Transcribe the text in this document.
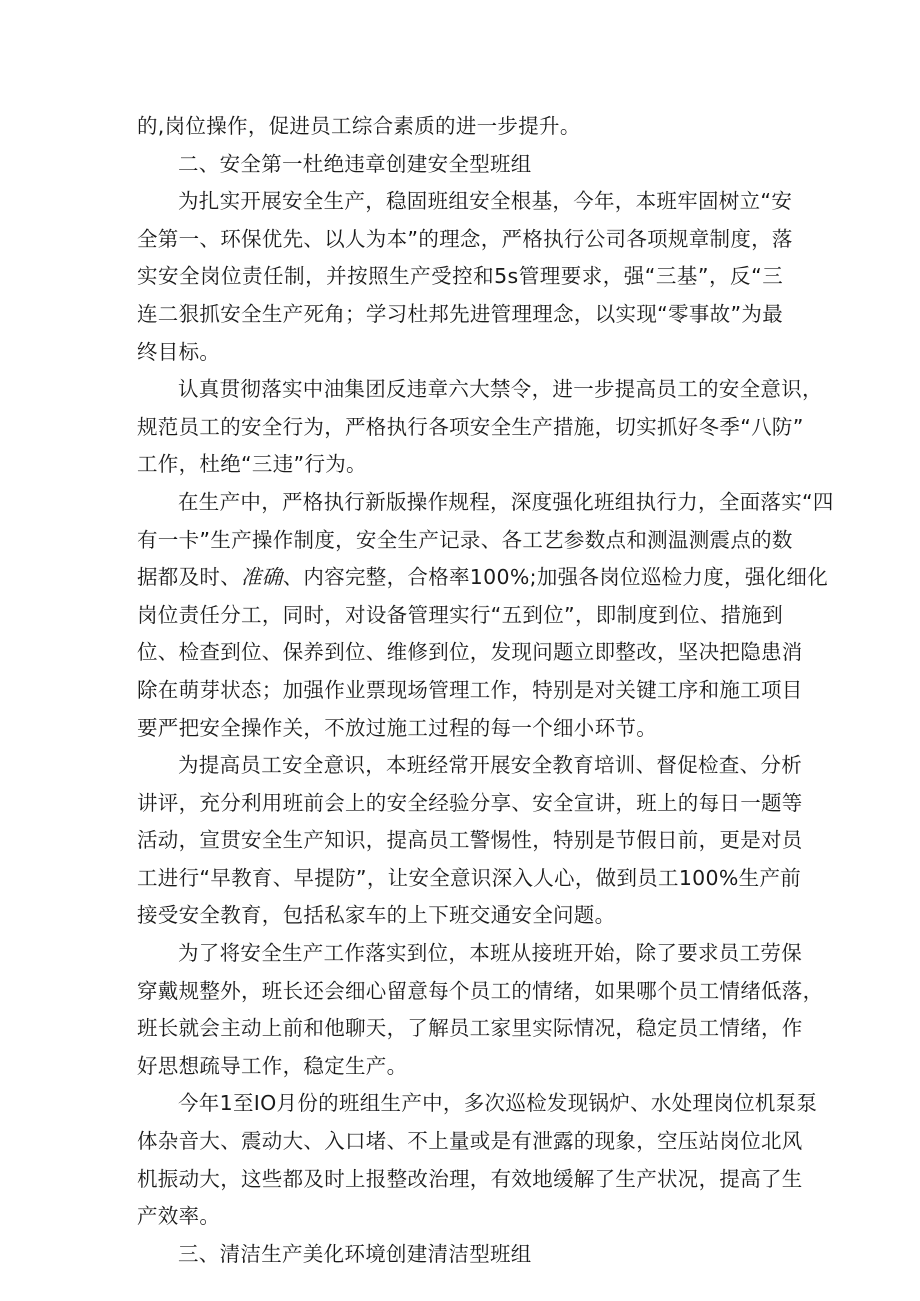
的,岗位操作，促进员工综合素质的进一步提升。
二、安全第一杜绝违章创建安全型班组
为扎实开展安全生产，稳固班组安全根基，今年，本班牢固树立“安
全第一、环保优先、以人为本”的理念，严格执行公司各项规章制度，落
实安全岗位责任制，并按照生产受控和5s管理要求，强“三基”，反“三
连二狠抓安全生产死角；学习杜邦先进管理理念，以实现“零事故”为最
终目标。
认真贯彻落实中油集团反违章六大禁令，进一步提高员工的安全意识，
规范员工的安全行为，严格执行各项安全生产措施，切实抓好冬季“八防”
工作，杜绝“三违”行为。
在生产中，严格执行新版操作规程，深度强化班组执行力，全面落实“四
有一卡”生产操作制度，安全生产记录、各工艺参数点和测温测震点的数
据都及时、准确、内容完整，合格率100%;加强各岗位巡检力度，强化细化
岗位责任分工，同时，对设备管理实行“五到位”，即制度到位、措施到
位、检查到位、保养到位、维修到位，发现问题立即整改，坚决把隐患消
除在萌芽状态；加强作业票现场管理工作，特别是对关键工序和施工项目
要严把安全操作关，不放过施工过程的每一个细小环节。
为提高员工安全意识，本班经常开展安全教育培训、督促检查、分析
讲评，充分利用班前会上的安全经验分享、安全宣讲，班上的每日一题等
活动，宣贯安全生产知识，提高员工警惕性，特别是节假日前，更是对员
工进行“早教育、早提防”，让安全意识深入人心，做到员工100%生产前
接受安全教育，包括私家车的上下班交通安全问题。
为了将安全生产工作落实到位，本班从接班开始，除了要求员工劳保
穿戴规整外，班长还会细心留意每个员工的情绪，如果哪个员工情绪低落，
班长就会主动上前和他聊天，了解员工家里实际情况，稳定员工情绪，作
好思想疏导工作，稳定生产。
今年1至IO月份的班组生产中，多次巡检发现锅炉、水处理岗位机泵泵
体杂音大、震动大、入口堵、不上量或是有泄露的现象，空压站岗位北风
机振动大，这些都及时上报整改治理，有效地缓解了生产状况，提高了生
产效率。
三、清洁生产美化环境创建清洁型班组
